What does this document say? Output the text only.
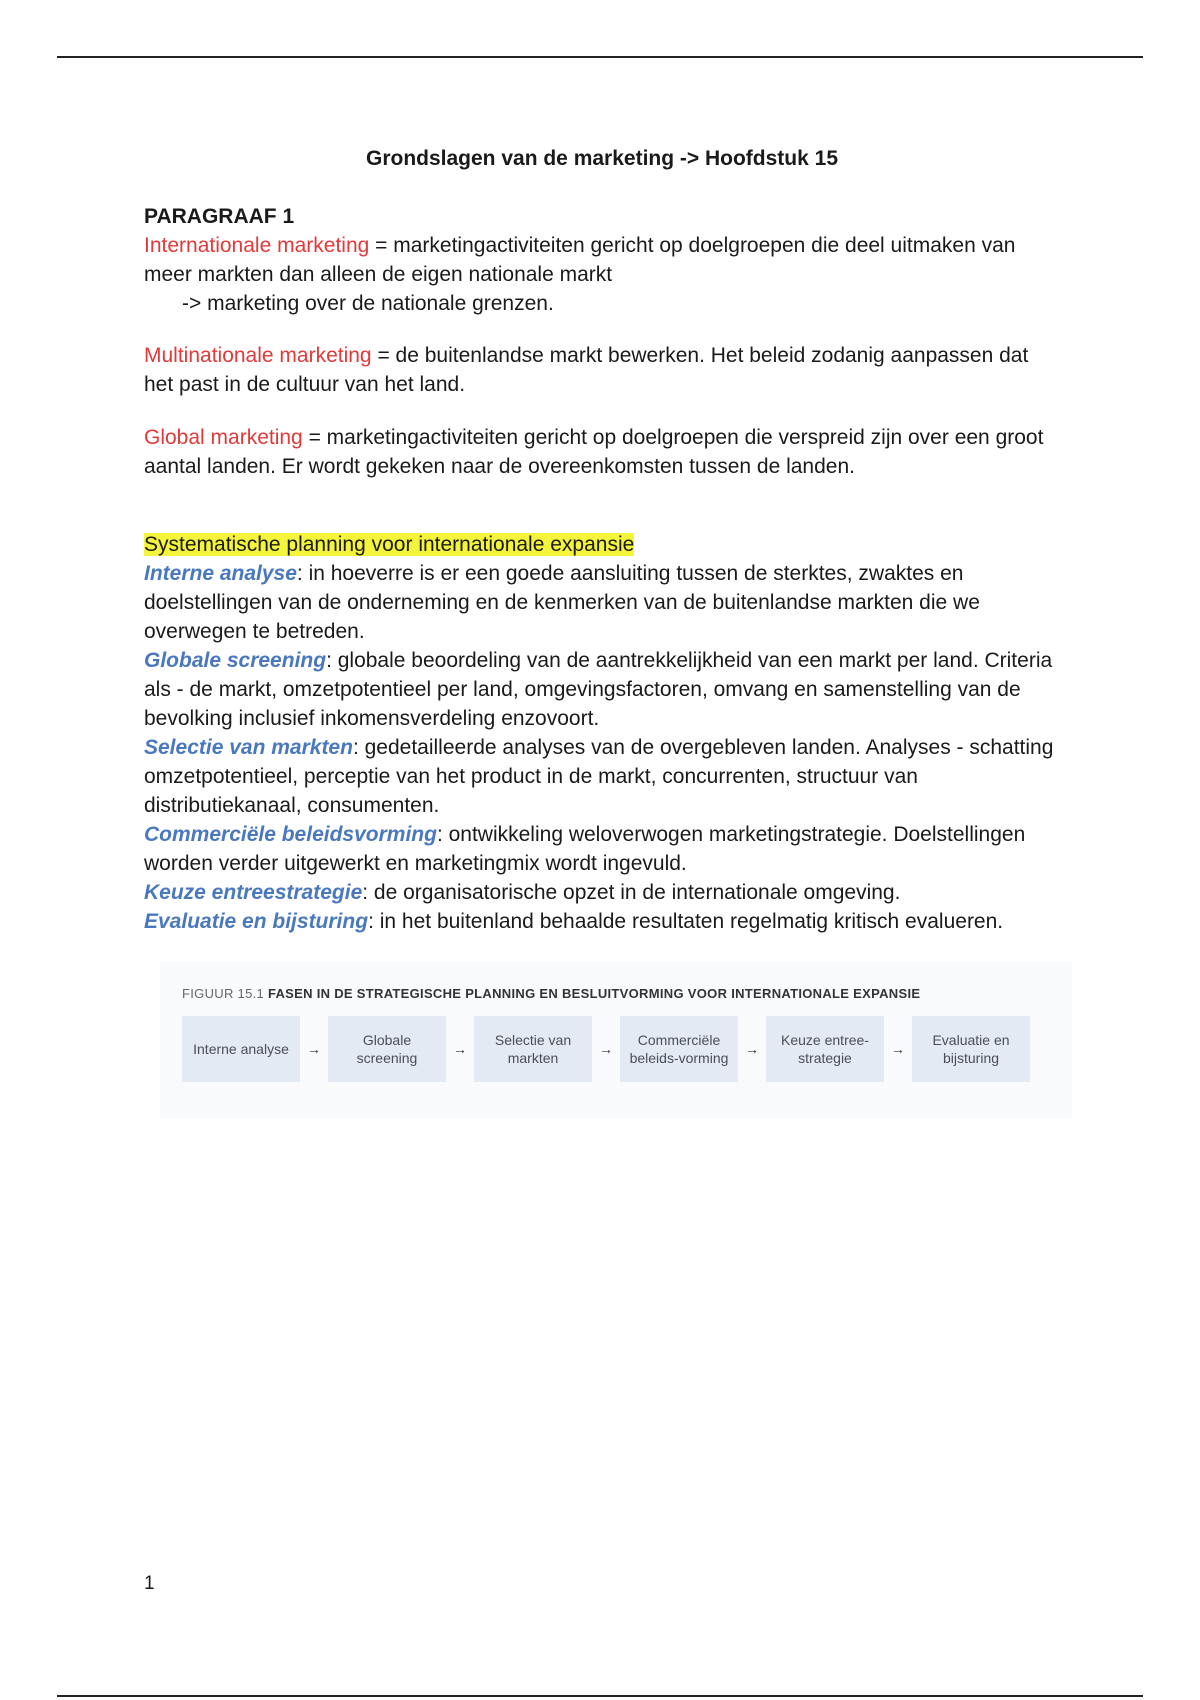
Grondslagen van de marketing -> Hoofdstuk 15
PARAGRAAF 1
Internationale marketing = marketingactiviteiten gericht op doelgroepen die deel uitmaken van meer markten dan alleen de eigen nationale markt
-> marketing over de nationale grenzen.
Multinationale marketing = de buitenlandse markt bewerken. Het beleid zodanig aanpassen dat het past in de cultuur van het land.
Global marketing = marketingactiviteiten gericht op doelgroepen die verspreid zijn over een groot aantal landen. Er wordt gekeken naar de overeenkomsten tussen de landen.
Systematische planning voor internationale expansie
Interne analyse: in hoeverre is er een goede aansluiting tussen de sterktes, zwaktes en doelstellingen van de onderneming en de kenmerken van de buitenlandse markten die we overwegen te betreden.
Globale screening: globale beoordeling van de aantrekkelijkheid van een markt per land. Criteria als - de markt, omzetpotentieel per land, omgevingsfactoren, omvang en samenstelling van de bevolking inclusief inkomensverdeling enzovoort.
Selectie van markten: gedetailleerde analyses van de overgebleven landen. Analyses - schatting omzetpotentieel, perceptie van het product in de markt, concurrenten, structuur van distributiekanaal, consumenten.
Commerciële beleidsvorming: ontwikkeling weloverwogen marketingstrategie. Doelstellingen worden verder uitgewerkt en marketingmix wordt ingevuld.
Keuze entreestrategie: de organisatorische opzet in de internationale omgeving.
Evaluatie en bijsturing: in het buitenland behaalde resultaten regelmatig kritisch evalueren.
FIGUUR 15.1 FASEN IN DE STRATEGISCHE PLANNING EN BESLUITVORMING VOOR INTERNATIONALE EXPANSIE
Interne analyse	→
Globale screening
→
Selectie van markten
→
Commerciële beleids-vorming
→
Keuze entree-strategie
→
Evaluatie en bijsturing
1
